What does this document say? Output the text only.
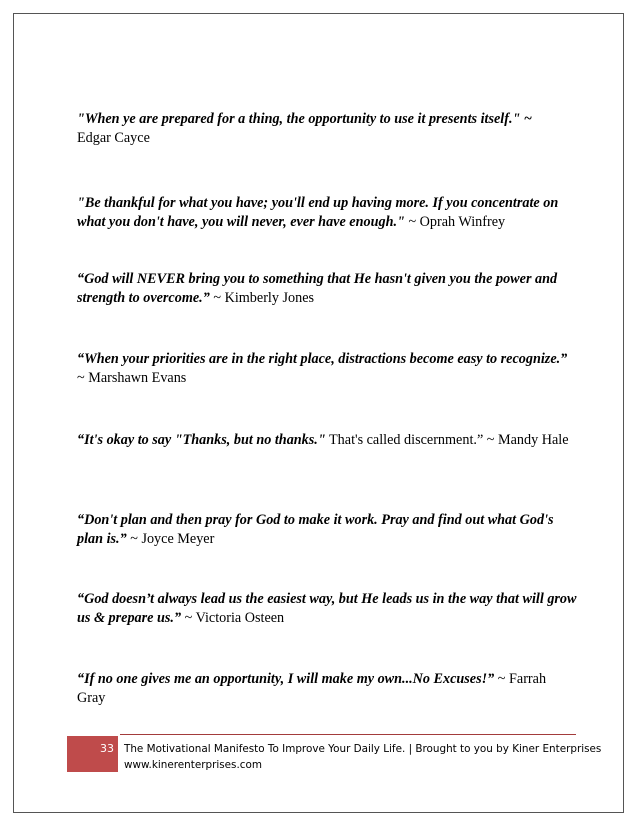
"When ye are prepared for a thing, the opportunity to use it presents itself." ~
Edgar Cayce
"Be thankful for what you have; you'll end up having more. If you concentrate on what you don't have, you will never, ever have enough." ~ Oprah Winfrey
“God will NEVER bring you to something that He hasn't given you the power and strength to overcome.” ~ Kimberly Jones
“When your priorities are in the right place, distractions become easy to recognize.” ~ Marshawn Evans
“It's okay to say "Thanks, but no thanks." That's called discernment.” ~ Mandy Hale
“Don't plan and then pray for God to make it work. Pray and find out what God's plan is.” ~ Joyce Meyer
“God doesn’t always lead us the easiest way, but He leads us in the way that will grow us & prepare us.” ~ Victoria Osteen
“If no one gives me an opportunity, I will make my own...No Excuses!” ~ Farrah Gray
33 The Motivational Manifesto To Improve Your Daily Life. | Brought to you by Kiner Enterprises
www.kinerenterprises.com
